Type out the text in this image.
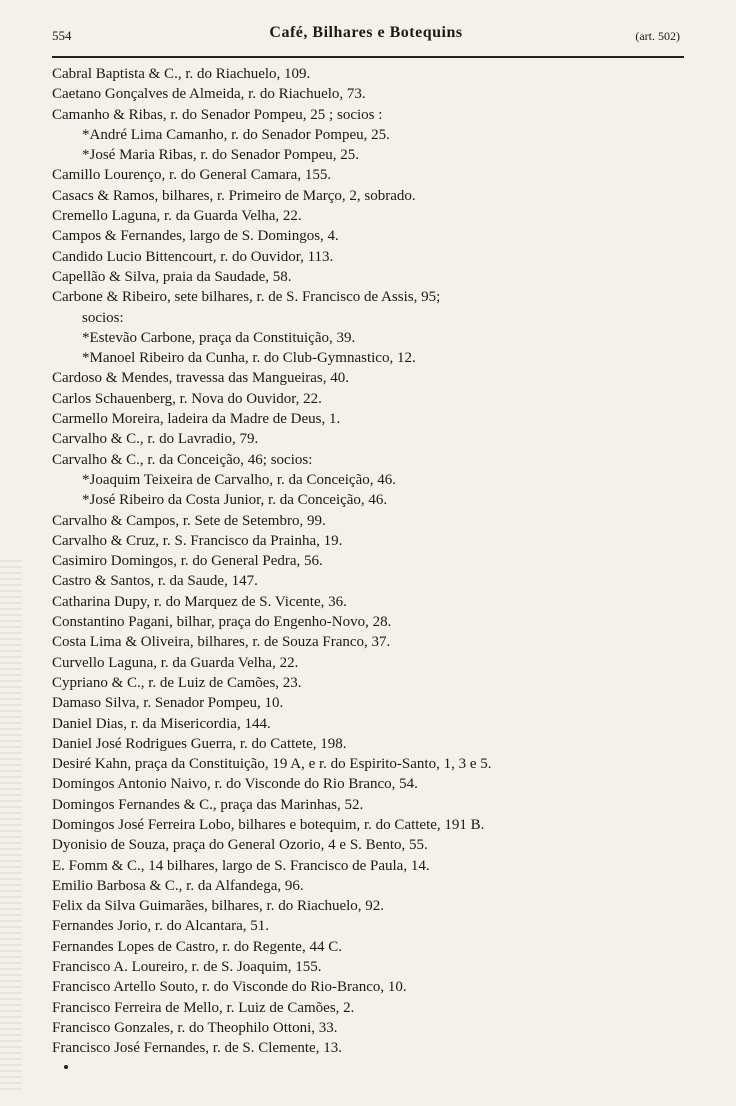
554	Café, Bilhares e Botequins	(art. 502)
Cabral Baptista & C., r. do Riachuelo, 109.
Caetano Gonçalves de Almeida, r. do Riachuelo, 73.
Camanho & Ribas, r. do Senador Pompeu, 25 ; socios :
*André Lima Camanho, r. do Senador Pompeu, 25.
*José Maria Ribas, r. do Senador Pompeu, 25.
Camillo Lourenço, r. do General Camara, 155.
Casacs & Ramos, bilhares, r. Primeiro de Março, 2, sobrado.
Cremello Laguna, r. da Guarda Velha, 22.
Campos & Fernandes, largo de S. Domingos, 4.
Candido Lucio Bittencourt, r. do Ouvidor, 113.
Capellão & Silva, praia da Saudade, 58.
Carbone & Ribeiro, sete bilhares, r. de S. Francisco de Assis, 95;
socios:
*Estevão Carbone, praça da Constituição, 39.
*Manoel Ribeiro da Cunha, r. do Club-Gymnastico, 12.
Cardoso & Mendes, travessa das Mangueiras, 40.
Carlos Schauenberg, r. Nova do Ouvidor, 22.
Carmello Moreira, ladeira da Madre de Deus, 1.
Carvalho & C., r. do Lavradio, 79.
Carvalho & C., r. da Conceição, 46; socios:
*Joaquim Teixeira de Carvalho, r. da Conceição, 46.
*José Ribeiro da Costa Junior, r. da Conceição, 46.
Carvalho & Campos, r. Sete de Setembro, 99.
Carvalho & Cruz, r. S. Francisco da Prainha, 19.
Casimiro Domingos, r. do General Pedra, 56.
Castro & Santos, r. da Saude, 147.
Catharina Dupy, r. do Marquez de S. Vicente, 36.
Constantino Pagani, bilhar, praça do Engenho-Novo, 28.
Costa Lima & Oliveira, bilhares, r. de Souza Franco, 37.
Curvello Laguna, r. da Guarda Velha, 22.
Cypriano & C., r. de Luiz de Camões, 23.
Damaso Silva, r. Senador Pompeu, 10.
Daniel Dias, r. da Misericordia, 144.
Daniel José Rodrigues Guerra, r. do Cattete, 198.
Desiré Kahn, praça da Constituição, 19 A, e r. do Espirito-Santo, 1, 3 e 5.
Domingos Antonio Naivo, r. do Visconde do Rio Branco, 54.
Domingos Fernandes & C., praça das Marinhas, 52.
Domingos José Ferreira Lobo, bilhares e botequim, r. do Cattete, 191 B.
Dyonisio de Souza, praça do General Ozorio, 4 e S. Bento, 55.
E. Fomm & C., 14 bilhares, largo de S. Francisco de Paula, 14.
Emilio Barbosa & C., r. da Alfandega, 96.
Felix da Silva Guimarães, bilhares, r. do Riachuelo, 92.
Fernandes Jorio, r. do Alcantara, 51.
Fernandes Lopes de Castro, r. do Regente, 44 C.
Francisco A. Loureiro, r. de S. Joaquim, 155.
Francisco Artello Souto, r. do Visconde do Rio-Branco, 10.
Francisco Ferreira de Mello, r. Luiz de Camões, 2.
Francisco Gonzales, r. do Theophilo Ottoni, 33.
Francisco José Fernandes, r. de S. Clemente, 13.
